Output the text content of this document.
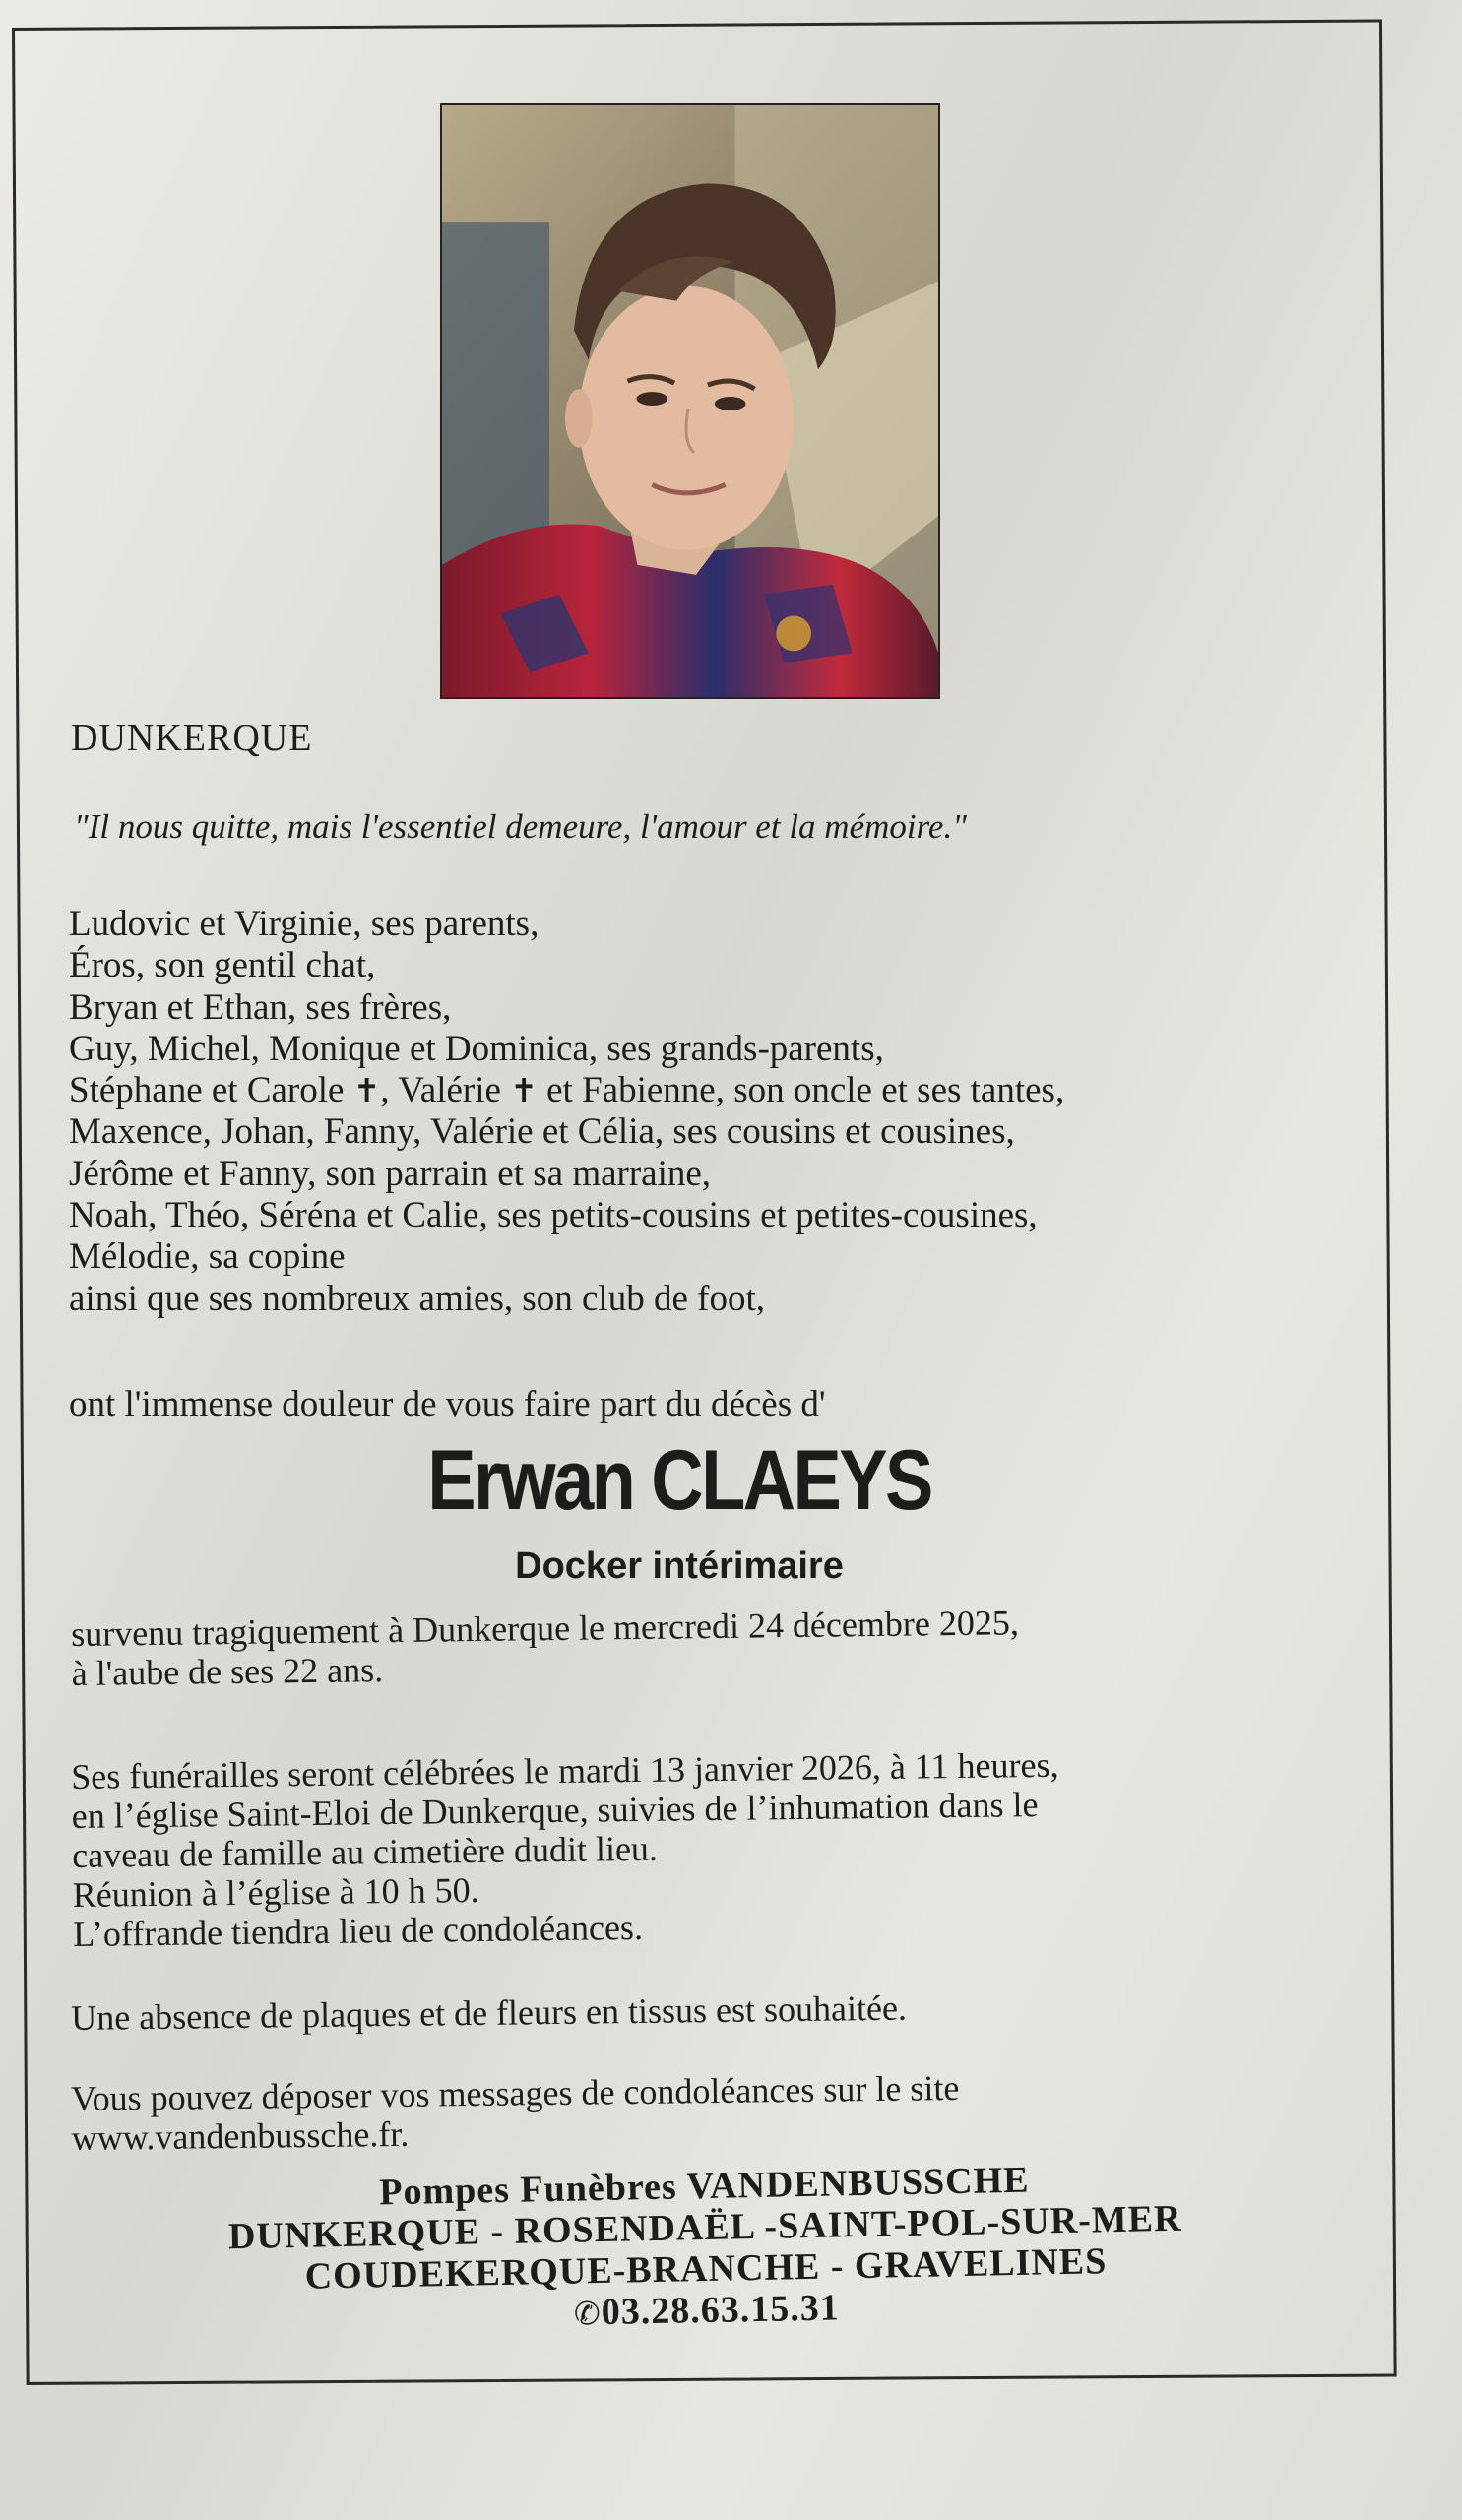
DUNKERQUE
"Il nous quitte, mais l'essentiel demeure, l'amour et la mémoire."
Ludovic et Virginie, ses parents,
Éros, son gentil chat,
Bryan et Ethan, ses frères,
Guy, Michel, Monique et Dominica, ses grands-parents,
Stéphane et Carole ✝, Valérie ✝ et Fabienne, son oncle et ses tantes,
Maxence, Johan, Fanny, Valérie et Célia, ses cousins et cousines,
Jérôme et Fanny, son parrain et sa marraine,
Noah, Théo, Séréna et Calie, ses petits-cousins et petites-cousines,
Mélodie, sa copine
ainsi que ses nombreux amies, son club de foot,
ont l'immense douleur de vous faire part du décès d'
Erwan CLAEYS
Docker intérimaire
survenu tragiquement à Dunkerque le mercredi 24 décembre 2025,
à l'aube de ses 22 ans.
Ses funérailles seront célébrées le mardi 13 janvier 2026, à 11 heures,
en l’église Saint-Eloi de Dunkerque, suivies de l’inhumation dans le
caveau de famille au cimetière dudit lieu.
Réunion à l’église à 10 h 50.
L’offrande tiendra lieu de condoléances.
Une absence de plaques et de fleurs en tissus est souhaitée.
Vous pouvez déposer vos messages de condoléances sur le site
www.vandenbussche.fr.
Pompes Funèbres VANDENBUSSCHE
DUNKERQUE - ROSENDAËL -SAINT-POL-SUR-MER
COUDEKERQUE-BRANCHE - GRAVELINES
✆03.28.63.15.31
